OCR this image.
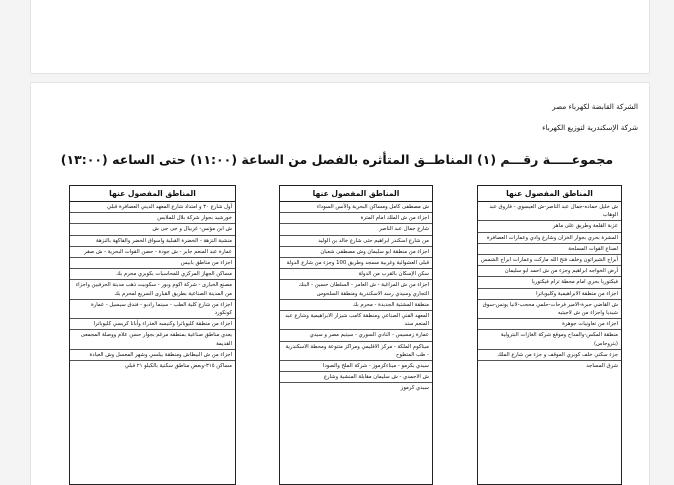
الشركة القابضة لكهرباء مصر
شركة الإسكندرية لتوزيع الكهرباء
مجموعـــــة رقـــم (١) المناطــق المتأثره بالفصل من الساعة (١١:٠٠) حتى الساعه (١٣:٠٠)
المناطق المفصول عنها
ش خليل حماده-جمال عبد الناصر-ش العيسوي - فاروق عبد الوهاب
عزبة القلعة وطريق على ماهر
المشرة بحري بجوار الخزان وشارع وادي وعمارات العصافرة
لصناع القوات المسلحة
أبراج الشيراتون وخلف فتح الله ماركت وعمارات ابراج الشمس
أرض الخواجه ابراهيم وجزء من ش احمد ابو سليمان
فيكتوريا بحري امام محطة ترام فيكتوريا
اجزاء من منطقة الابراهيمية وكليوباترا
ش القاضي حبرة-الامير فرحات-حلمي محجب-لانيا يونس-سوق شيديا واجزاء من ش لاجيتيه
اجزاء من تعاونيات جوهرة
منطقة المكس-والمداح وموقع شركة الغازات البترولية (بتروجاس)
جزء سكني خلف كوبري الموقف و جزء من شارع الملك
شرق المساجد
المناطق المفصول عنها
ش مصطفى كامل ومساكن البحرية والأنس السوداء
اجزاء من ش الملك امام المترة
شارع جمال عبد الناصر
من شارع اسكندر ابراهيم حتى شارع خالد بن الوليد
اجزاء من منطقة ابو سليمان وش مصطفى شعبان
قبلى العشوائية وغربية مسجد وطريق 100 وجزء من شارع الدولة
سكن الإسكان بالقرب من الدولة
اجزاء من ش المراغية - ش العامر - السلطان حسين - البنك التجاري وسيدي رسد الاسكندرية ومنطقة السلحوس
منطقة المشتية الجديدة - محرم بك
المعهد الفني الصناعي ومنطقة كامب شيزار الابراهيمية وشارع عبد المنعم سند
عمارة زمسيس - النادي السوري - سيتيم مصر و سيدي
ميناكوم الملكة - مركز الاقليمي ومراكز متنوعة ومحطة الاسكندرية - طب المتطوح
سيدي بكرمو - ميناءكرموز - شركة الملح والصودا
ش الاحمدي - ش سليمان مقابلة المنشية وشارع
سيدي كرموز
المناطق المفصول عنها
أول شارع ٣٠ و امتداد شارع المعهد الديني العصافرة قبلي
خورشيد بجوار شركة بلال للملابس
ش ابن مؤنس- غربيال و جى جى ش
منشية النزهة - الخضرة القبلية واسواق الخضر والفاكهة بالنزهة
عمارة عبد المنعم جابر - ش جودة - حصن القوات البحرية - ش صقر
اجزاء من مناطق بابيس
مساكن الجهاز المركزي للمحاسبات بكوبري محرم بك
مصنع الخيارى - شركة اكوم وبور - سكوبيت ذهب مدينة الحرفيين واجزاء من المدينة الصناعية بطريق القبارى السريع لمحرم بك
اجزاء من شارع كلية الطب - سينما رادبو - فندق سيسيل - عمارة كونكورد
اجزاء من منطقة كليوباترا وكنيسه العذراء وأبانا كريسي كليوباترا
يعدي مناطق صناعية بمنطقه مرغم بجوار حسن علام ووصلة المجمعى القديمة
اجزاء من ش البيطاش ومنطقة بيلسي وشهر المعسل وش العيادة
مساكن ٣١٥-وبعض مناطق سكنية بالكيلو ٢١ قبلي
